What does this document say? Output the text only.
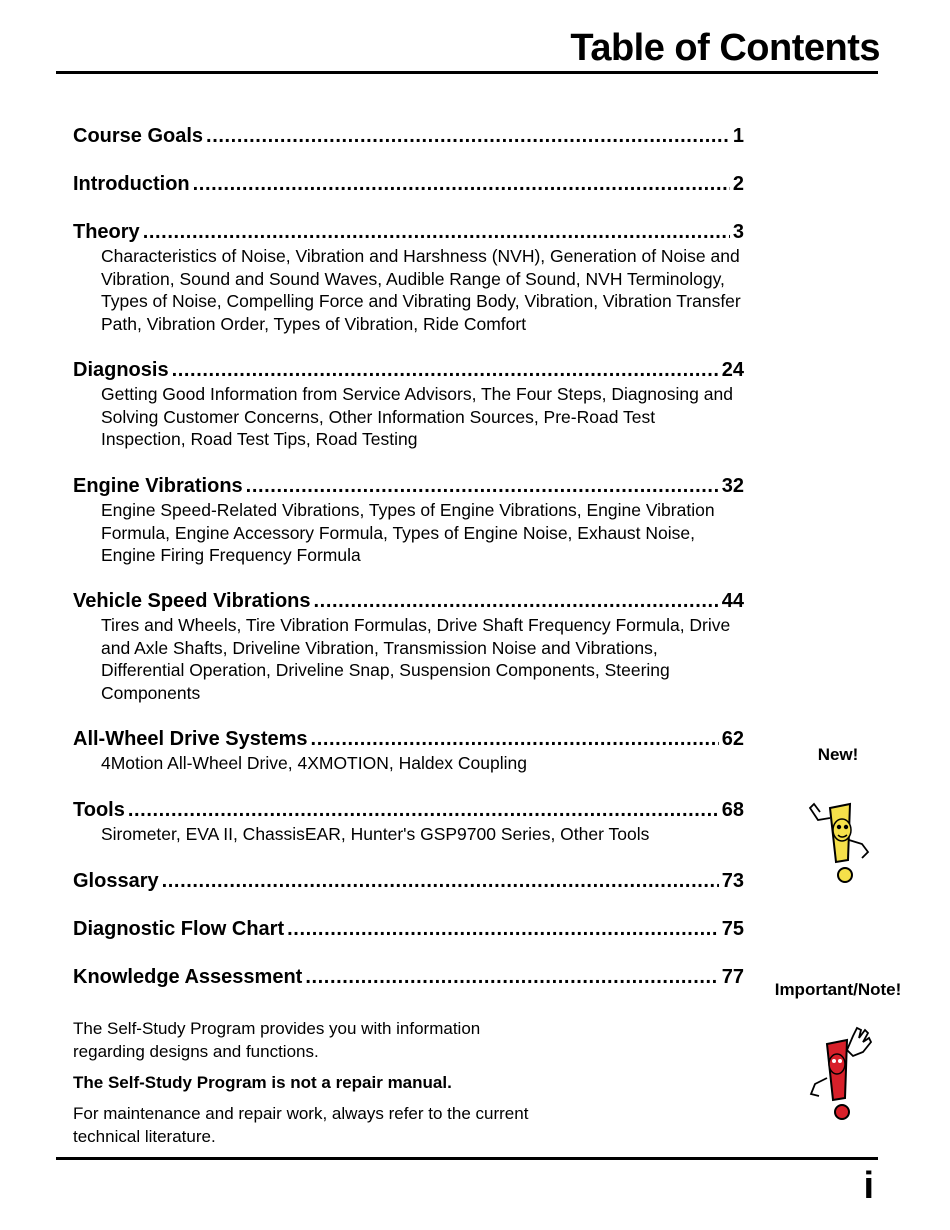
Table of Contents
Course Goals .....	1
Introduction .....	2
Theory .....	3
Characteristics of Noise, Vibration and Harshness (NVH), Generation of Noise and Vibration, Sound and Sound Waves, Audible Range of Sound, NVH Terminology, Types of Noise, Compelling Force and Vibrating Body, Vibration, Vibration Transfer Path, Vibration Order, Types of Vibration, Ride Comfort
Diagnosis .....	24
Getting Good Information from Service Advisors, The Four Steps, Diagnosing and Solving Customer Concerns, Other Information Sources, Pre-Road Test Inspection, Road Test Tips, Road Testing
Engine Vibrations .....	32
Engine Speed-Related Vibrations, Types of Engine Vibrations, Engine Vibration Formula, Engine Accessory Formula, Types of Engine Noise, Exhaust Noise, Engine Firing Frequency Formula
Vehicle Speed Vibrations .....	44
Tires and Wheels, Tire Vibration Formulas, Drive Shaft Frequency Formula, Drive and Axle Shafts, Driveline Vibration, Transmission Noise and Vibrations, Differential Operation, Driveline Snap, Suspension Components, Steering Components
All-Wheel Drive Systems .....	62
4Motion All-Wheel Drive, 4XMOTION, Haldex Coupling
Tools .....	68
Sirometer, EVA II, ChassisEAR, Hunter's GSP9700 Series, Other Tools
Glossary .....	73
Diagnostic Flow Chart .....	75
Knowledge Assessment .....	77

The Self-Study Program provides you with information regarding designs and functions.

The Self-Study Program is not a repair manual.

For maintenance and repair work, always refer to the current technical literature.

New!
Important/Note!
i
